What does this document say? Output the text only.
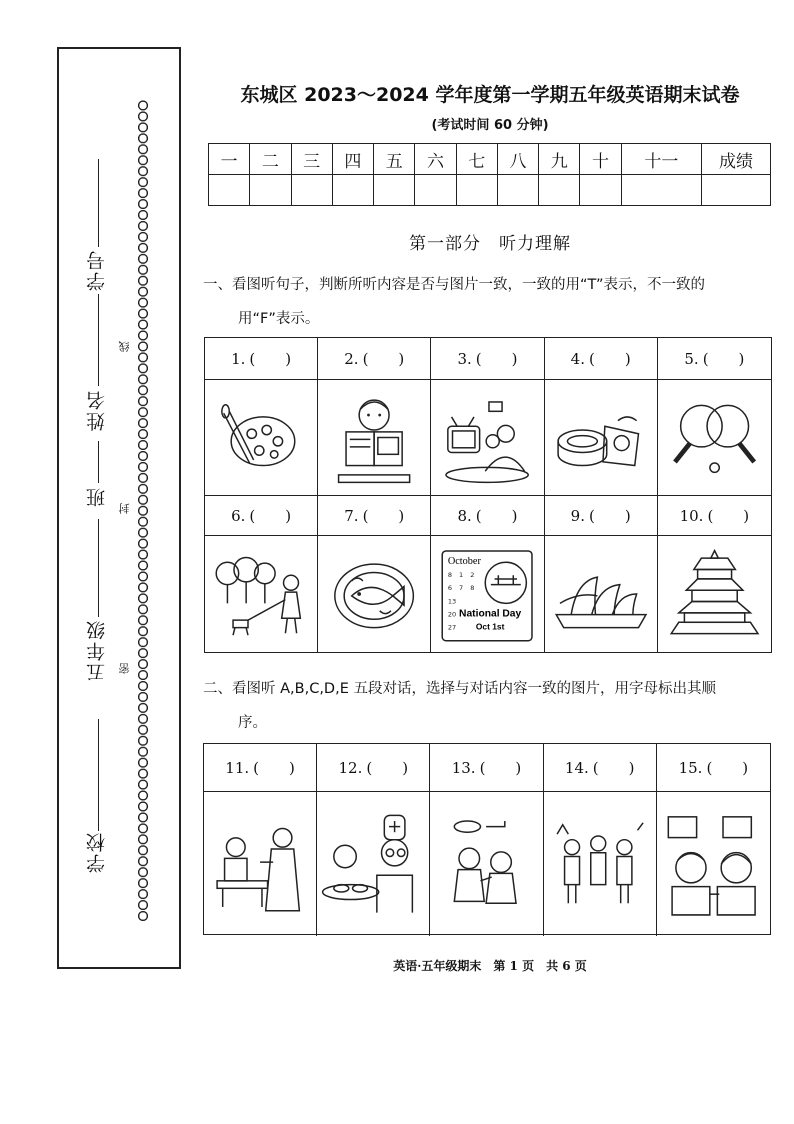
学校
五年级
班
姓名
学号
密
封
线
东城区 2023～2024 学年度第一学期五年级英语期末试卷
(考试时间 60 分钟)
一	二	三	四	五	六	七	八	九	十	十一	成绩

第一部分　听力理解
一、看图听句子，判断所听内容是否与图片一致，一致的用“T”表示，不一致的
用“F”表示。
1. (　　)	2. (　　)	3. (　　)	4. (　　)	5. (　　)
6. (　　)	7. (　　)	8. (　　)	9. (　　)	10. (　　)
October
8 1 2
6 7 8
13
20
27
National Day
Oct 1st
二、看图听 A,B,C,D,E 五段对话，选择与对话内容一致的图片，用字母标出其顺
序。
11. (　　)	12. (　　)	13. (　　)	14. (　　)	15. (　　)
英语·五年级期末　第 1 页　共 6 页
